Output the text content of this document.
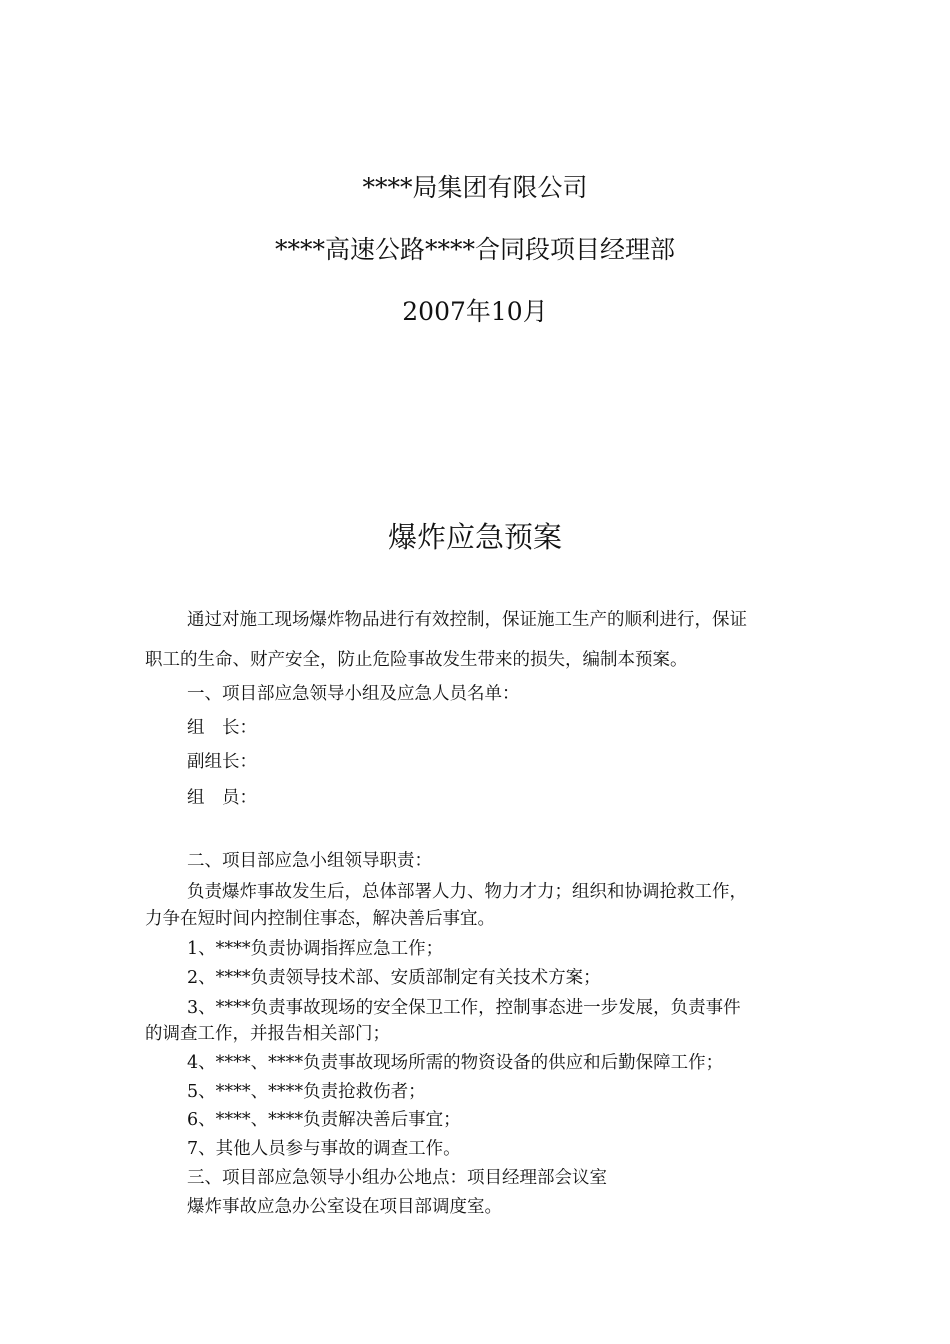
****局集团有限公司
****高速公路****合同段项目经理部
2007年10月
爆炸应急预案
通过对施工现场爆炸物品进行有效控制，保证施工生产的顺利进行，保证
职工的生命、财产安全，防止危险事故发生带来的损失，编制本预案。
一、项目部应急领导小组及应急人员名单：
组　长：
副组长：
组　员：
二、项目部应急小组领导职责：
负责爆炸事故发生后，总体部署人力、物力才力；组织和协调抢救工作，
力争在短时间内控制住事态，解决善后事宜。
1、****负责协调指挥应急工作；
2、****负责领导技术部、安质部制定有关技术方案；
3、****负责事故现场的安全保卫工作，控制事态进一步发展，负责事件
的调查工作，并报告相关部门；
4、****、****负责事故现场所需的物资设备的供应和后勤保障工作；
5、****、****负责抢救伤者；
6、****、****负责解决善后事宜；
7、其他人员参与事故的调查工作。
三、项目部应急领导小组办公地点：项目经理部会议室
爆炸事故应急办公室设在项目部调度室。
